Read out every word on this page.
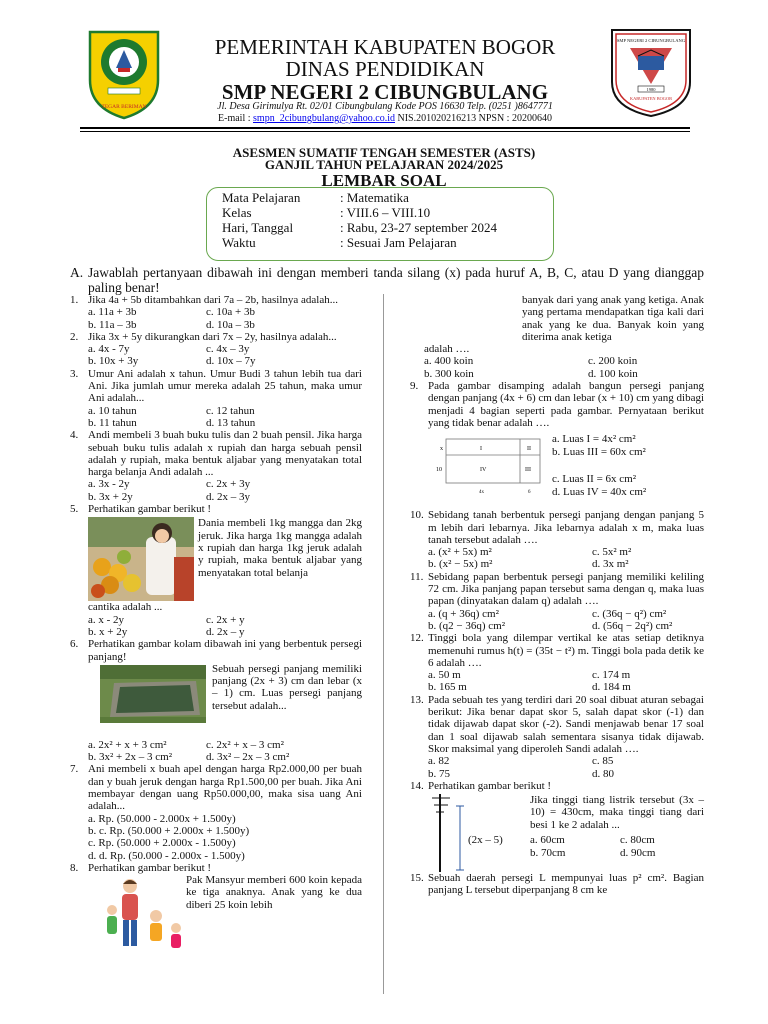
TEGAR BERIMAN
PEMERINTAH KABUPATEN BOGOR
DINAS PENDIDIKAN
SMP NEGERI 2 CIBUNGBULANG
Jl. Desa Girimulya Rt. 02/01 Cibungbulang Kode POS 16630 Telp. (0251 )8647771
E-mail : smpn_2cibungbulang@yahoo.co.id NIS.201020216213 NPSN : 20200640
SMP NEGERI 2 CIBUNGBULANG
1980
KABUPATEN BOGOR
ASESMEN SUMATIF TENGAH SEMESTER (ASTS)
GANJIL TAHUN PELAJARAN 2024/2025
LEMBAR SOAL
Mata Pelajaran	: Matematika
Kelas	: VIII.6 – VIII.10
Hari, Tanggal	: Rabu, 23-27 september 2024
Waktu	: Sesuai Jam Pelajaran
A. Jawablah pertanyaan dibawah ini dengan memberi tanda silang (x) pada huruf A, B, C, atau D yang dianggap paling benar!
1. Jika 4a + 5b ditambahkan dari 7a – 2b, hasilnya adalah...
a. 11a + 3b	c. 10a + 3b
b. 11a – 3b	d. 10a – 3b
2. Jika 3x + 5y dikurangkan dari 7x – 2y, hasilnya adalah...
a. 4x - 7y	c. 4x – 3y
b. 10x + 3y	d. 10x – 7y
3. Umur Ani adalah x tahun. Umur Budi 3 tahun lebih tua dari Ani. Jika jumlah umur mereka adalah 25 tahun, maka umur Ani adalah...
a. 10 tahun	c. 12 tahun
b. 11 tahun	d. 13 tahun
4. Andi membeli 3 buah buku tulis dan 2 buah pensil. Jika harga sebuah buku tulis adalah x rupiah dan harga sebuah pensil adalah y rupiah, maka bentuk aljabar yang menyatakan total harga belanja Andi adalah ...
a. 3x - 2y	c. 2x + 3y
b. 3x + 2y	d. 2x – 3y
5. Perhatikan gambar berikut !
Dania membeli 1kg mangga dan 2kg jeruk. Jika harga 1kg mangga adalah x rupiah dan harga 1kg jeruk adalah y rupiah, maka bentuk aljabar yang menyatakan total belanja
cantika adalah ...
a. x - 2y	c. 2x + y
b. x + 2y	d. 2x – y
6. Perhatikan gambar kolam dibawah ini yang berbentuk persegi panjang!
Sebuah persegi panjang memiliki panjang (2x + 3) cm dan lebar (x – 1) cm. Luas persegi panjang tersebut adalah...
a. 2x² + x + 3 cm²	c. 2x² + x – 3 cm²
b. 3x² + 2x – 3 cm²	d. 3x² – 2x – 3 cm²
7. Ani membeli x buah apel dengan harga Rp2.000,00 per buah dan y buah jeruk dengan harga Rp1.500,00 per buah. Jika Ani membayar dengan uang Rp50.000,00, maka sisa uang Ani adalah...
a. Rp. (50.000 - 2.000x + 1.500y)
b. c. Rp. (50.000 + 2.000x + 1.500y)
c. Rp. (50.000 + 2.000x - 1.500y)
d. d. Rp. (50.000 - 2.000x - 1.500y)
8. Perhatikan gambar berikut !
Pak Mansyur memberi 600 koin kepada ke tiga anaknya. Anak yang ke dua diberi 25 koin lebih
banyak dari yang anak yang ketiga. Anak yang pertama mendapatkan tiga kali dari anak yang ke dua. Banyak koin yang diterima anak ketiga
adalah ….
a. 400 koin	c. 200 koin
b. 300 koin	d. 100 koin
9. Pada gambar disamping adalah bangun persegi panjang dengan panjang (4x + 6) cm dan lebar (x + 10) cm yang dibagi menjadi 4 bagian seperti pada gambar. Pernyataan berikut yang tidak benar adalah ….
x
10
I	II
IV	III
4x	6
a. Luas I = 4x² cm²
b. Luas III = 60x cm²
c. Luas II = 6x cm²
d. Luas IV = 40x cm²
10. Sebidang tanah berbentuk persegi panjang dengan panjang 5 m lebih dari lebarnya. Jika lebarnya adalah x m, maka luas tanah tersebut adalah ….
a. (x² + 5x) m²	c. 5x² m²
b. (x² − 5x) m²	d. 3x m²
11. Sebidang papan berbentuk persegi panjang memiliki keliling 72 cm. Jika panjang papan tersebut sama dengan q, maka luas papan (dinyatakan dalam q) adalah ….
a. (q + 36q) cm²	c. (36q − q²) cm²
b. (q2 − 36q) cm²	d. (56q − 2q²) cm²
12. Tinggi bola yang dilempar vertikal ke atas setiap detiknya memenuhi rumus h(t) = (35t − t²) m. Tinggi bola pada detik ke 6 adalah ….
a. 50 m	c. 174 m
b. 165 m	d. 184 m
13. Pada sebuah tes yang terdiri dari 20 soal dibuat aturan sebagai berikut: Jika benar dapat skor 5, salah dapat skor (-1) dan tidak dijawab dapat skor (-2). Sandi menjawab benar 17 soal dan 1 soal dijawab salah sementara sisanya tidak dijawab. Skor maksimal yang diperoleh Sandi adalah ….
a. 82	c. 85
b. 75	d. 80
14. Perhatikan gambar berikut !
(2x – 5)
Jika tinggi tiang listrik tersebut (3x – 10) = 430cm, maka tinggi tiang dari besi 1 ke 2 adalah ...
a. 60cm	c. 80cm
b. 70cm	d. 90cm
15. Sebuah daerah persegi L mempunyai luas p² cm². Bagian panjang L tersebut diperpanjang 8 cm ke
